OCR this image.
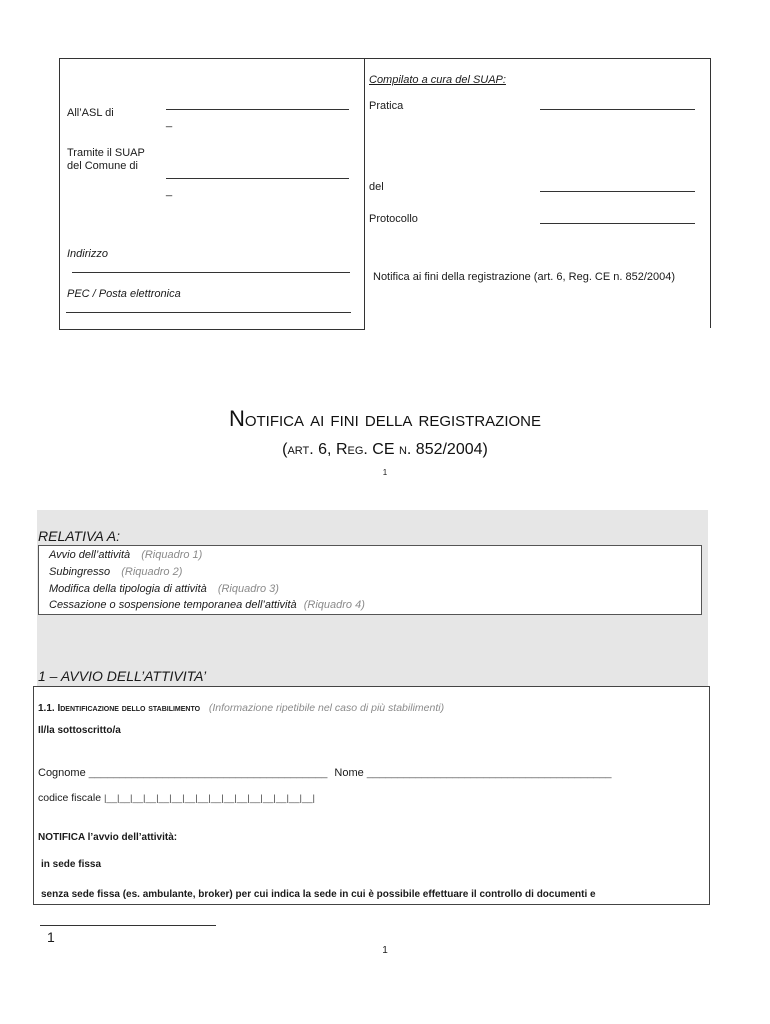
Compilato a cura del SUAP:
All’ASL di
_
Pratica
Tramite il SUAP
del Comune di
_	del
Protocollo
Indirizzo
Notifica ai fini della registrazione (art. 6, Reg. CE n. 852/2004)
PEC / Posta elettronica
Notifica ai fini della registrazione
(art. 6, Reg. CE n. 852/2004)
1
RELATIVA A:
Avvio dell’attività (Riquadro 1)
Subingresso (Riquadro 2)
Modifica della tipologia di attività (Riquadro 3)
Cessazione o sospensione temporanea dell’attività (Riquadro 4)
1 – AVVIO DELL’ATTIVITA’
1.1. Identificazione dello stabilimento (Informazione ripetibile nel caso di più stabilimenti)
Il/la sottoscritto/a
Cognome _______________________________________ Nome ________________________________________
codice fiscale |__|__|__|__|__|__|__|__|__|__|__|__|__|__|__|__|
NOTIFICA l’avvio dell’attività:
in sede fissa
senza sede fissa (es. ambulante, broker) per cui indica la sede in cui è possibile effettuare il controllo di documenti e
1
1
